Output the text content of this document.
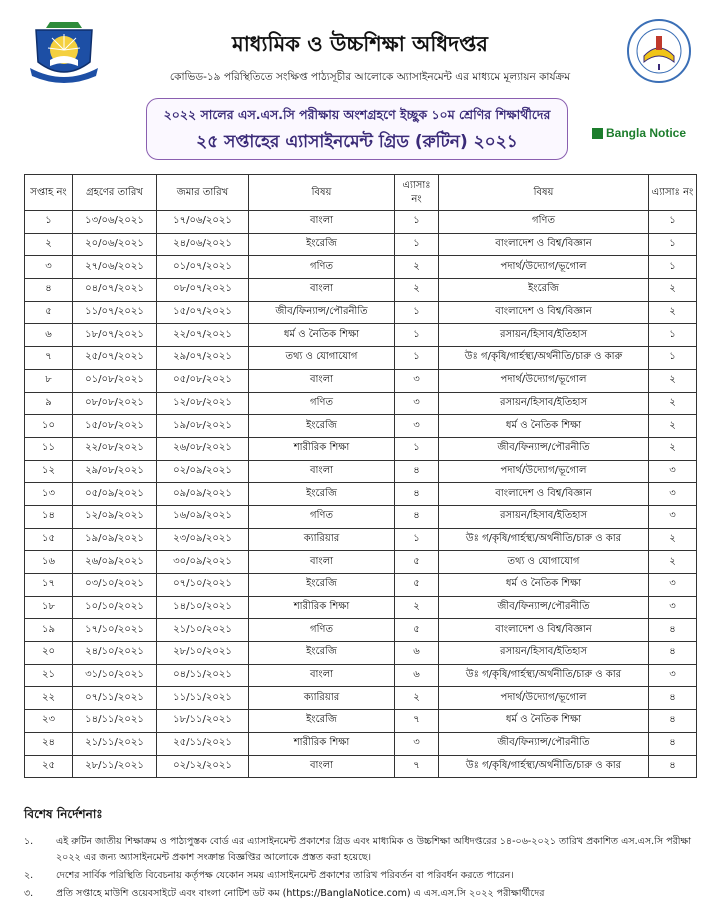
মাধ্যমিক ও উচ্চশিক্ষা অধিদপ্তর
কোভিড-১৯ পরিস্থিতিতে সংক্ষিপ্ত পাঠ্যসূচীর আলোকে অ্যাসাইনমেন্ট এর মাধ্যমে মূল্যায়ন কার্যক্রম
২০২২ সালের এস.এস.সি পরীক্ষায় অংশগ্রহণে ইচ্ছুক ১০ম শ্রেণির শিক্ষার্থীদের
২৫ সপ্তাহের এ্যাসাইনমেন্ট গ্রিড (রুটিন) ২০২১	Bangla Notice
সপ্তাহ নং	গ্রহণের তারিখ	জমার তারিখ	বিষয়	এ্যাসাঃ নং	বিষয়	এ্যাসাঃ নং
১	১৩/০৬/২০২১	১৭/০৬/২০২১	বাংলা	১	গণিত	১
২	২০/০৬/২০২১	২৪/০৬/২০২১	ইংরেজি	১	বাংলাদেশ ও বিশ্ব/বিজ্ঞান	১
৩	২৭/০৬/২০২১	০১/০৭/২০২১	গণিত	২	পদার্থ/উদ্যোগ/ভূগোল	১
৪	০৪/০৭/২০২১	০৮/০৭/২০২১	বাংলা	২	ইংরেজি	২
৫	১১/০৭/২০২১	১৫/০৭/২০২১	জীব/ফিন্যান্স/পৌরনীতি	১	বাংলাদেশ ও বিশ্ব/বিজ্ঞান	২
৬	১৮/০৭/২০২১	২২/০৭/২০২১	ধর্ম ও নৈতিক শিক্ষা	১	রসায়ন/হিসাব/ইতিহাস	১
৭	২৫/০৭/২০২১	২৯/০৭/২০২১	তথ্য ও যোগাযোগ	১	উঃ গ/কৃষি/গার্হস্থ্য/অর্থনীতি/চারু ও কারু	১
৮	০১/০৮/২০২১	০৫/০৮/২০২১	বাংলা	৩	পদার্থ/উদ্যোগ/ভূগোল	২
৯	০৮/০৮/২০২১	১২/০৮/২০২১	গণিত	৩	রসায়ন/হিসাব/ইতিহাস	২
১০	১৫/০৮/২০২১	১৯/০৮/২০২১	ইংরেজি	৩	ধর্ম ও নৈতিক শিক্ষা	২
১১	২২/০৮/২০২১	২৬/০৮/২০২১	শারীরিক শিক্ষা	১	জীব/ফিন্যান্স/পৌরনীতি	২
১২	২৯/০৮/২০২১	০২/০৯/২০২১	বাংলা	৪	পদার্থ/উদ্যোগ/ভূগোল	৩
১৩	০৫/০৯/২০২১	০৯/০৯/২০২১	ইংরেজি	৪	বাংলাদেশ ও বিশ্ব/বিজ্ঞান	৩
১৪	১২/০৯/২০২১	১৬/০৯/২০২১	গণিত	৪	রসায়ন/হিসাব/ইতিহাস	৩
১৫	১৯/০৯/২০২১	২৩/০৯/২০২১	ক্যারিয়ার	১	উঃ গ/কৃষি/গার্হস্থ্য/অর্থনীতি/চারু ও কার	২
১৬	২৬/০৯/২০২১	৩০/০৯/২০২১	বাংলা	৫	তথ্য ও যোগাযোগ	২
১৭	০৩/১০/২০২১	০৭/১০/২০২১	ইংরেজি	৫	ধর্ম ও নৈতিক শিক্ষা	৩
১৮	১০/১০/২০২১	১৪/১০/২০২১	শারীরিক শিক্ষা	২	জীব/ফিন্যান্স/পৌরনীতি	৩
১৯	১৭/১০/২০২১	২১/১০/২০২১	গণিত	৫	বাংলাদেশ ও বিশ্ব/বিজ্ঞান	৪
২০	২৪/১০/২০২১	২৮/১০/২০২১	ইংরেজি	৬	রসায়ন/হিসাব/ইতিহাস	৪
২১	৩১/১০/২০২১	০৪/১১/২০২১	বাংলা	৬	উঃ গ/কৃষি/গার্হস্থ্য/অর্থনীতি/চারু ও কার	৩
২২	০৭/১১/২০২১	১১/১১/২০২১	ক্যারিয়ার	২	পদার্থ/উদ্যোগ/ভূগোল	৪
২৩	১৪/১১/২০২১	১৮/১১/২০২১	ইংরেজি	৭	ধর্ম ও নৈতিক শিক্ষা	৪
২৪	২১/১১/২০২১	২৫/১১/২০২১	শারীরিক শিক্ষা	৩	জীব/ফিন্যান্স/পৌরনীতি	৪
২৫	২৮/১১/২০২১	০২/১২/২০২১	বাংলা	৭	উঃ গ/কৃষি/গার্হস্থ্য/অর্থনীতি/চারু ও কার	৪
বিশেষ নির্দেশনাঃ
১. এই রুটিন জাতীয় শিক্ষাক্রম ও পাঠ্যপুস্তক বোর্ড এর এ্যাসাইনমেন্ট প্রকাশের গ্রিড এবং মাধ্যমিক ও উচ্চশিক্ষা অধিদপ্তরের ১৪-০৬-২০২১ তারিখ প্রকাশিত এস.এস.সি পরীক্ষা ২০২২ এর জন্য অ্যাসাইনমেন্ট প্রকাশ সংক্রান্ত বিজ্ঞপ্তির আলোকে প্রস্তত করা হয়েছে।
২. দেশের সার্বিক পরিস্থিতি বিবেচনায় কর্তৃপক্ষ যেকোন সময় এ্যাসাইনমেন্ট প্রকাশের তারিখ পরিবর্তন বা পরিবর্ধন করতে পারেন।
৩. প্রতি সপ্তাহে মাউশি ওয়েবসাইটে এবং বাংলা নোটিশ ডট কম (https://BanglaNotice.com) এ এস.এস.সি ২০২২ পরীক্ষার্থীদের
